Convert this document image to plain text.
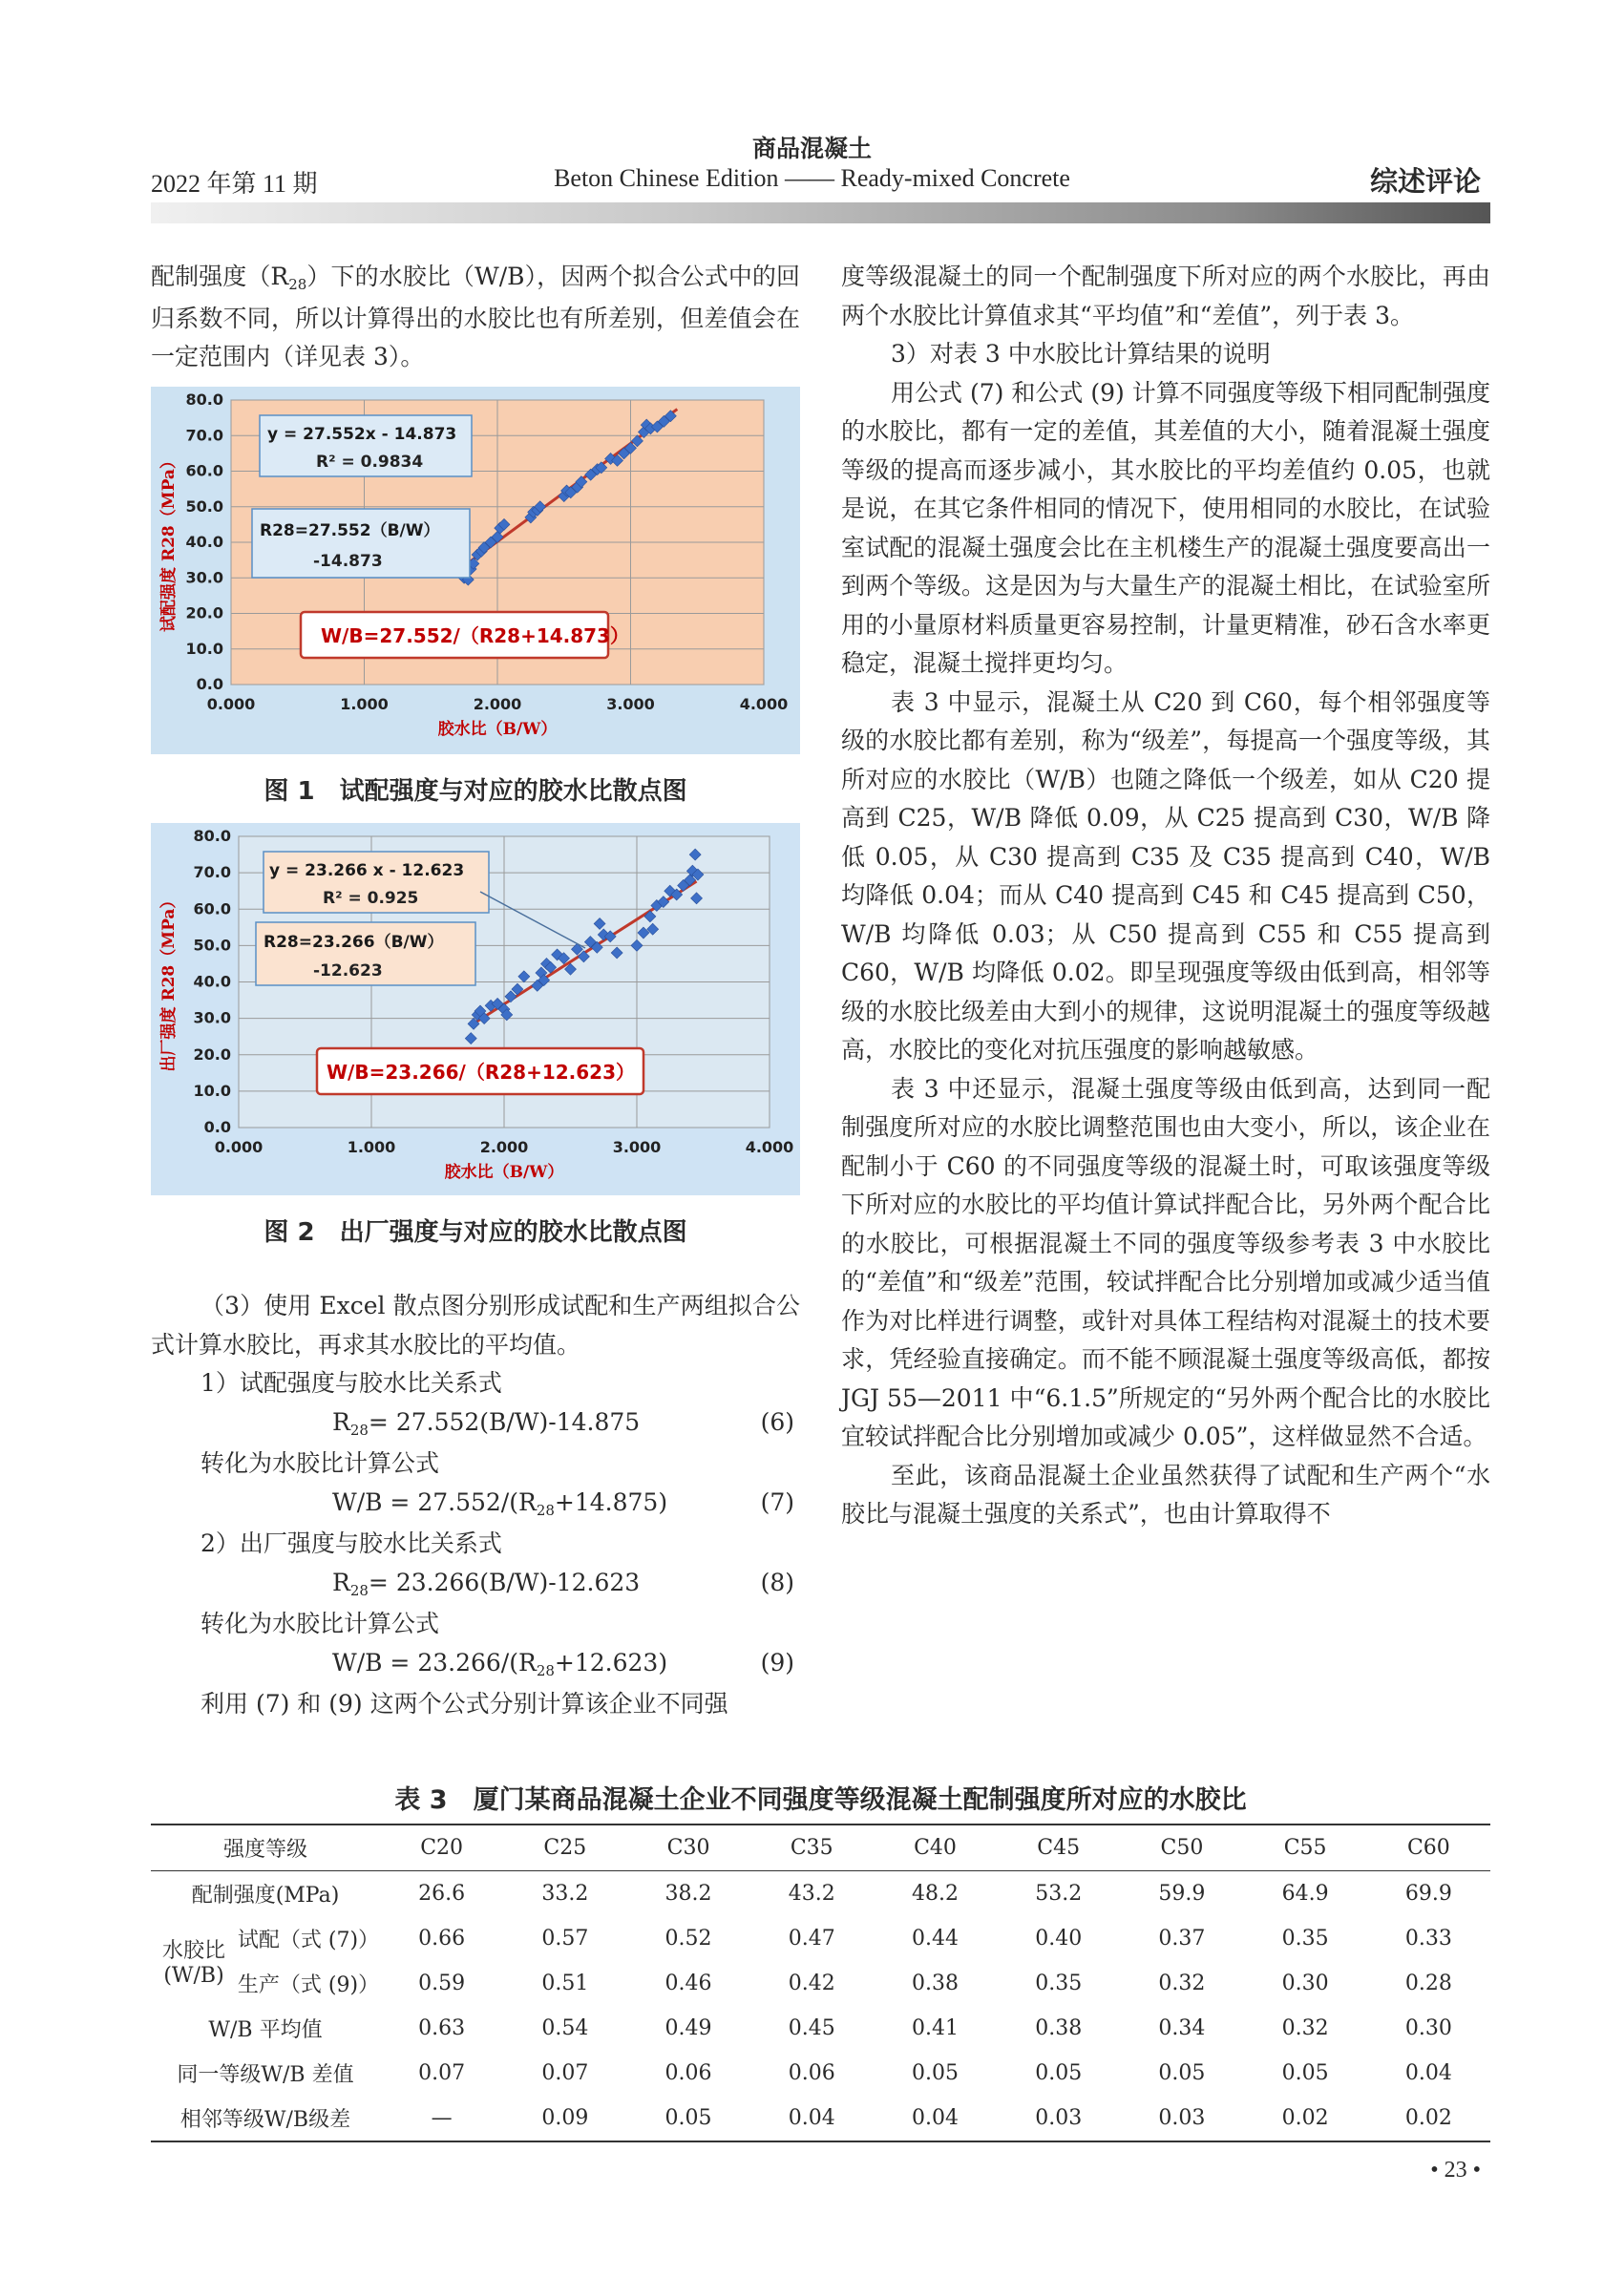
商品混凝土
Beton Chinese Edition —— Ready-mixed Concrete
2022 年第 11 期	综述评论

配制强度$(R_{28})$下的水胶比（W/B），因两个拟合公式中的回归系数不同，所以计算得出的水胶比也有所差别，但差值会在一定范围内（详见表 3）。

0.0
10.0
20.0
30.0
40.0
50.0
60.0
70.0
80.0
0.000	1.000	2.000	3.000	4.000
胶水比（B/W）
试配强度 R28（MPa）
y = 27.552x - 14.873
R² = 0.9834
R28=27.552（B/W）
-14.873
W/B=27.552/（R28+14.873）
图 1　试配强度与对应的胶水比散点图
0.0
10.0
20.0
30.0
40.0
50.0
60.0
70.0
80.0
0.000	1.000	2.000	3.000	4.000
胶水比（B/W）
出厂强度 R28（MPa）
y = 23.266 x - 12.623
R² = 0.925
R28=23.266（B/W）
-12.623
W/B=23.266/（R28+12.623）
图 2　出厂强度与对应的胶水比散点图

（3）使用 Excel 散点图分别形成试配和生产两组拟合公式计算水胶比，再求其水胶比的平均值。

1）试配强度与胶水比关系式

$R_{28}= 27.552(B/W)-14.875$	(6)

转化为水胶比计算公式

$W/B = 27.552/(R_{28}+14.875)$	(7)

2）出厂强度与胶水比关系式

$R_{28}= 23.266(B/W)-12.623$	(8)

转化为水胶比计算公式

$W/B = 23.266/(R_{28}+12.623)$	(9)

利用 (7) 和 (9) 这两个公式分别计算该企业不同强

度等级混凝土的同一个配制强度下所对应的两个水胶比，再由两个水胶比计算值求其“平均值”和“差值”，列于表 3。

3）对表 3 中水胶比计算结果的说明

用公式 (7) 和公式 (9) 计算不同强度等级下相同配制强度的水胶比，都有一定的差值，其差值的大小，随着混凝土强度等级的提高而逐步减小，其水胶比的平均差值约 0.05，也就是说，在其它条件相同的情况下，使用相同的水胶比，在试验室试配的混凝土强度会比在主机楼生产的混凝土强度要高出一到两个等级。这是因为与大量生产的混凝土相比，在试验室所用的小量原材料质量更容易控制，计量更精准，砂石含水率更稳定，混凝土搅拌更均匀。

表 3 中显示，混凝土从 C20 到 C60，每个相邻强度等级的水胶比都有差别，称为“级差”，每提高一个强度等级，其所对应的水胶比（W/B）也随之降低一个级差，如从 C20 提高到 C25，W/B 降低 0.09，从 C25 提高到 C30，W/B 降低 0.05，从 C30 提高到 C35 及 C35 提高到 C40，W/B 均降低 0.04；而从 C40 提高到 C45 和 C45 提高到 C50，W/B 均降低 0.03；从 C50 提高到 C55 和 C55 提高到 C60，W/B 均降低 0.02。即呈现强度等级由低到高，相邻等级的水胶比级差由大到小的规律，这说明混凝土的强度等级越高，水胶比的变化对抗压强度的影响越敏感。

表 3 中还显示，混凝土强度等级由低到高，达到同一配制强度所对应的水胶比调整范围也由大变小，所以，该企业在配制小于 C60 的不同强度等级的混凝土时，可取该强度等级下所对应的水胶比的平均值计算试拌配合比，另外两个配合比的水胶比，可根据混凝土不同的强度等级参考表 3 中水胶比的“差值”和“级差”范围，较试拌配合比分别增加或减少适当值作为对比样进行调整，或针对具体工程结构对混凝土的技术要求，凭经验直接确定。而不能不顾混凝土强度等级高低，都按 JGJ 55—2011 中“6.1.5”所规定的“另外两个配合比的水胶比宜较试拌配合比分别增加或减少 0.05”，这样做显然不合适。

至此，该商品混凝土企业虽然获得了试配和生产两个“水胶比与混凝土强度的关系式”，也由计算取得不

表 3　厦门某商品混凝土企业不同强度等级混凝土配制强度所对应的水胶比
强度等级		C20	C25	C30	C35	C40	C45	C50	C55	C60
配制强度(MPa)		26.6	33.2	38.2	43.2	48.2	53.2	59.9	64.9	69.9
水胶比
(W/B)	试配（式 (7)）	0.66	0.57	0.52	0.47	0.44	0.40	0.37	0.35	0.33
	生产（式 (9)）	0.59	0.51	0.46	0.42	0.38	0.35	0.32	0.30	0.28
W/B 平均值		0.63	0.54	0.49	0.45	0.41	0.38	0.34	0.32	0.30
同一等级W/B 差值		0.07	0.07	0.06	0.06	0.05	0.05	0.05	0.05	0.04
相邻等级W/B级差		—	0.09	0.05	0.04	0.04	0.03	0.03	0.02	0.02
• 23 •
